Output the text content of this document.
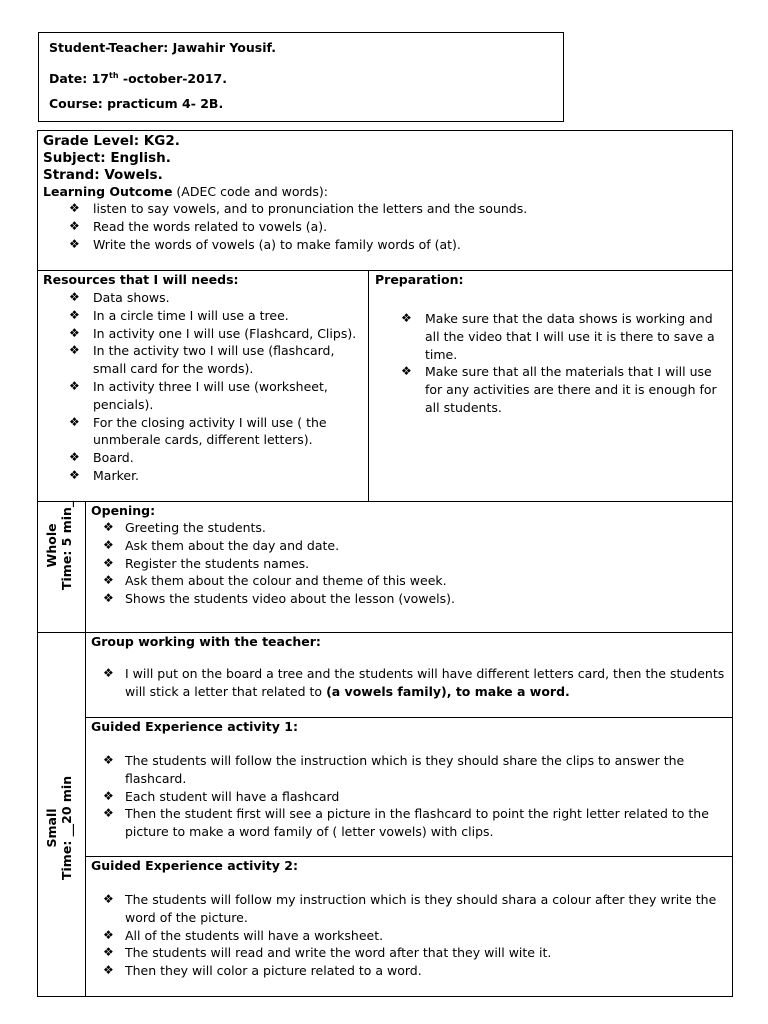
Student-Teacher: Jawahir Yousif.
Date: 17th -october-2017.
Course: practicum 4- 2B.
Grade Level: KG2.
Subject: English.
Strand: Vowels.
Learning Outcome (ADEC code and words):
❖ listen to say vowels, and to pronunciation the letters and the sounds.
❖ Read the words related to vowels (a).
❖ Write the words of vowels (a) to make family words of (at).
Resources that I will needs:
❖ Data shows.
❖ In a circle time I will use a tree.
❖ In activity one I will use (Flashcard, Clips).
❖ In the activity two I will use (flashcard, small card for the words).
❖ In activity three I will use (worksheet, pencials).
❖ For the closing activity I will use ( the unmberale cards, different letters).
❖ Board.
❖ Marker.
Preparation:
❖ Make sure that the data shows is working and all the video that I will use it is there to save a time.
❖ Make sure that all the materials that I will use for any activities are there and it is enough for all students.
Whole Time: 5 min_ Opening:
❖ Greeting the students.
❖ Ask them about the day and date.
❖ Register the students names.
❖ Ask them about the colour and theme of this week.
❖ Shows the students video about the lesson (vowels).
Small Time: __20 min
Group working with the teacher:
❖ I will put on the board a tree and the students will have different letters card, then the students will stick a letter that related to (a vowels family), to make a word.
Guided Experience activity 1:
❖ The students will follow the instruction which is they should share the clips to answer the flashcard.
❖ Each student will have a flashcard
❖ Then the student first will see a picture in the flashcard to point the right letter related to the picture to make a word family of ( letter vowels) with clips.
Guided Experience activity 2:
❖ The students will follow my instruction which is they should shara a colour after they write the word of the picture.
❖ All of the students will have a worksheet.
❖ The students will read and write the word after that they will wite it.
❖ Then they will color a picture related to a word.
